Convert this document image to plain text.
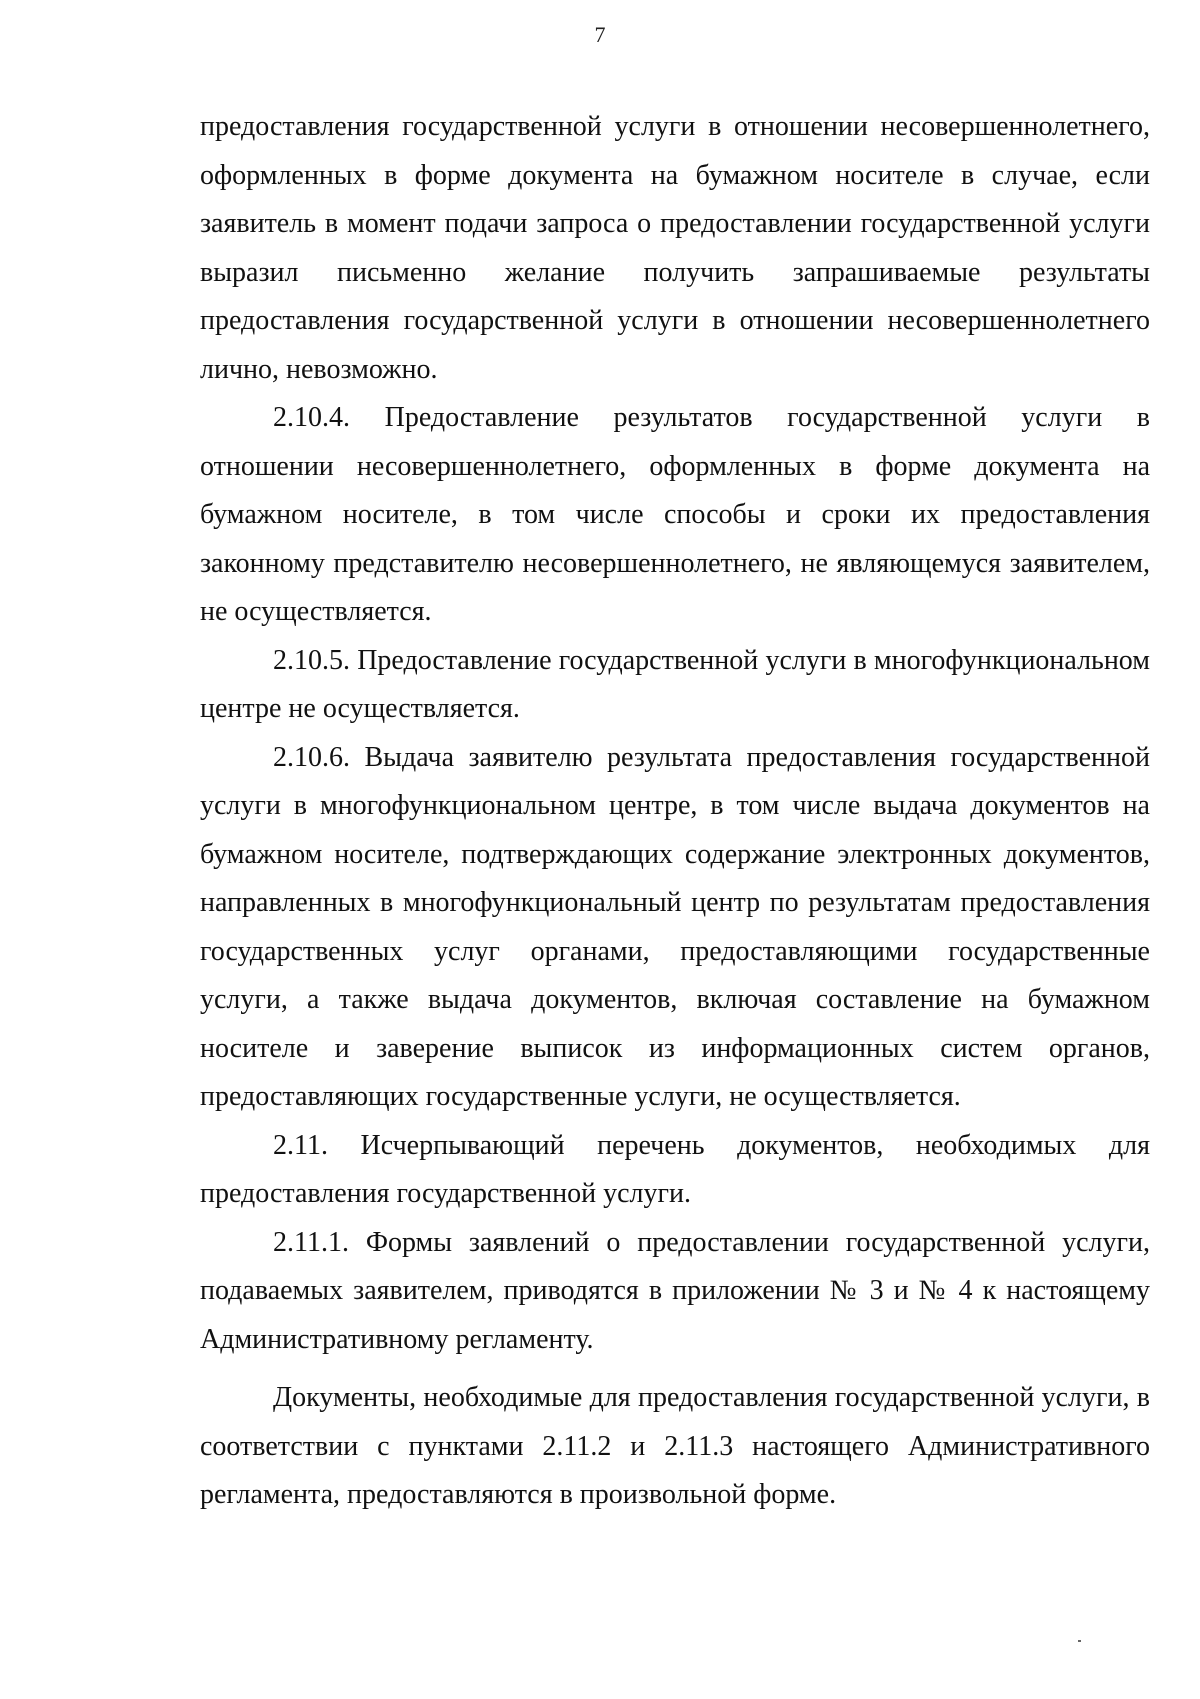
7

предоставления государственной услуги в отношении несовершеннолетнего, оформленных в форме документа на бумажном носителе в случае, если заявитель в момент подачи запроса о предоставлении государственной услуги выразил письменно желание получить запрашиваемые результаты предоставления государственной услуги в отношении несовершеннолетнего лично, невозможно.

2.10.4. Предоставление результатов государственной услуги в отношении несовершеннолетнего, оформленных в форме документа на бумажном носителе, в том числе способы и сроки их предоставления законному представителю несовершеннолетнего, не являющемуся заявителем, не осуществляется.

2.10.5. Предоставление государственной услуги в многофункциональном центре не осуществляется.

2.10.6. Выдача заявителю результата предоставления государственной услуги в многофункциональном центре, в том числе выдача документов на бумажном носителе, подтверждающих содержание электронных документов, направленных в многофункциональный центр по результатам предоставления государственных услуг органами, предоставляющими государственные услуги, а также выдача документов, включая составление на бумажном носителе и заверение выписок из информационных систем органов, предоставляющих государственные услуги, не осуществляется.

2.11. Исчерпывающий перечень документов, необходимых для предоставления государственной услуги.

2.11.1. Формы заявлений о предоставлении государственной услуги, подаваемых заявителем, приводятся в приложении № 3 и № 4 к настоящему Административному регламенту.

Документы, необходимые для предоставления государственной услуги, в соответствии с пунктами 2.11.2 и 2.11.3 настоящего Административного регламента, предоставляются в произвольной форме.
